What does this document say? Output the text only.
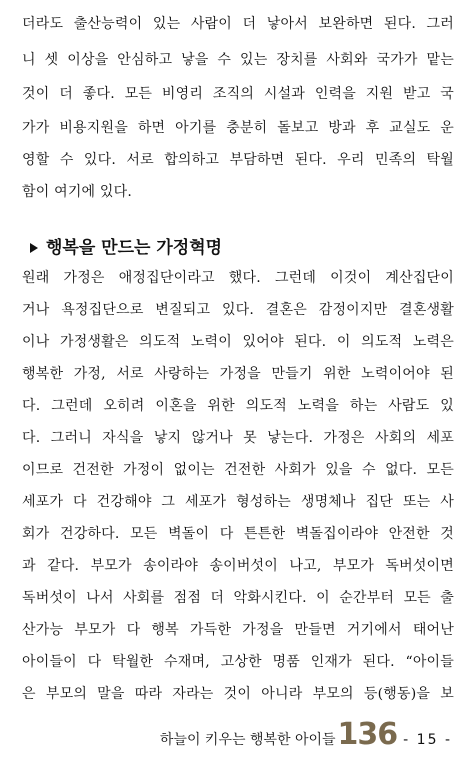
더라도 출산능력이 있는 사람이 더 낳아서 보완하면 된다. 그러
니 셋 이상을 안심하고 낳을 수 있는 장치를 사회와 국가가 맡는
것이 더 좋다. 모든 비영리 조직의 시설과 인력을 지원 받고 국
가가 비용지원을 하면 아기를 충분히 돌보고 방과 후 교실도 운
영할 수 있다. 서로 합의하고 부담하면 된다. 우리 민족의 탁월
함이 여기에 있다.
행복을 만드는 가정혁명
원래 가정은 애정집단이라고 했다. 그런데 이것이 계산집단이
거나 욕정집단으로 변질되고 있다. 결혼은 감정이지만 결혼생활
이나 가정생활은 의도적 노력이 있어야 된다. 이 의도적 노력은
행복한 가정, 서로 사랑하는 가정을 만들기 위한 노력이어야 된
다. 그런데 오히려 이혼을 위한 의도적 노력을 하는 사람도 있
다. 그러니 자식을 낳지 않거나 못 낳는다. 가정은 사회의 세포
이므로 건전한 가정이 없이는 건전한 사회가 있을 수 없다. 모든
세포가 다 건강해야 그 세포가 형성하는 생명체나 집단 또는 사
회가 건강하다. 모든 벽돌이 다 튼튼한 벽돌집이라야 안전한 것
과 같다. 부모가 송이라야 송이버섯이 나고, 부모가 독버섯이면
독버섯이 나서 사회를 점점 더 악화시킨다. 이 순간부터 모든 출
산가능 부모가 다 행복 가득한 가정을 만들면 거기에서 태어난
아이들이 다 탁월한 수재며, 고상한 명품 인재가 된다. “아이들
은 부모의 말을 따라 자라는 것이 아니라 부모의 등(행동)을 보
하늘이 키우는 행복한 아이들 136 - 15 -
